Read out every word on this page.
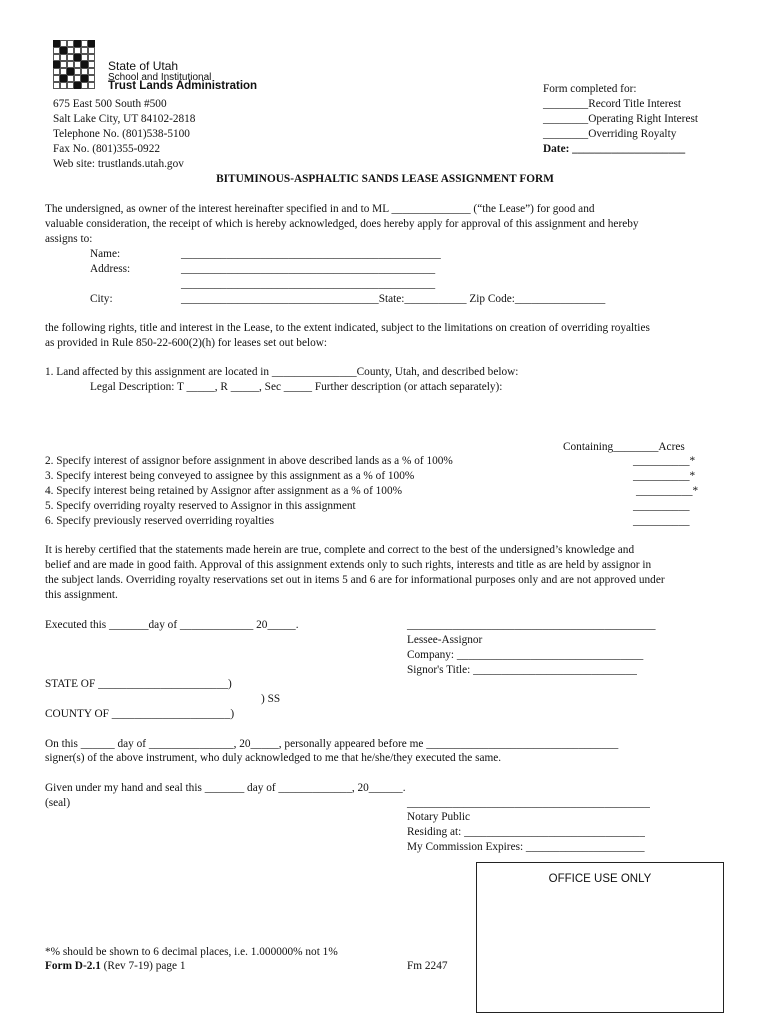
State of Utah
School and Institutional
Trust Lands Administration
675 East 500 South #500
Salt Lake City, UT 84102-2818
Telephone No. (801)538-5100
Fax No. (801)355-0922
Web site: trustlands.utah.gov
Form completed for:
________Record Title Interest
________Operating Right Interest
________Overriding Royalty
Date: ____________________
BITUMINOUS-ASPHALTIC SANDS LEASE ASSIGNMENT FORM
The undersigned, as owner of the interest hereinafter specified in and to ML ______________ (“the Lease”) for good and
valuable consideration, the receipt of which is hereby acknowledged, does hereby apply for approval of this assignment and hereby
assigns to:
Name:	______________________________________________
Address:	_____________________________________________
_____________________________________________
City:	___________________________________State:___________ Zip Code:________________
the following rights, title and interest in the Lease, to the extent indicated, subject to the limitations on creation of overriding royalties
as provided in Rule 850-22-600(2)(h) for leases set out below:
1. Land affected by this assignment are located in _______________County, Utah, and described below:
Legal Description: T _____, R _____, Sec _____ Further description (or attach separately):
Containing________Acres
2. Specify interest of assignor before assignment in above described lands as a % of 100%	__________*
3. Specify interest being conveyed to assignee by this assignment as a % of 100%	__________*
4. Specify interest being retained by Assignor after assignment as a % of 100%	__________*
5. Specify overriding royalty reserved to Assignor in this assignment	__________
6. Specify previously reserved overriding royalties	__________
It is hereby certified that the statements made herein are true, complete and correct to the best of the undersigned’s knowledge and
belief and are made in good faith. Approval of this assignment extends only to such rights, interests and title as are held by assignor in
the subject lands. Overriding royalty reservations set out in items 5 and 6 are for informational purposes only and are not approved under
this assignment.
Executed this _______day of _____________ 20_____.	____________________________________________
Lessee-Assignor
Company: _________________________________
Signor's Title: _____________________________
STATE OF _______________________)
) SS
COUNTY OF _____________________)
On this ______ day of _______________, 20_____, personally appeared before me __________________________________
signer(s) of the above instrument, who duly acknowledged to me that he/she/they executed the same.
Given under my hand and seal this _______ day of _____________, 20______.
(seal)	___________________________________________
Notary Public
Residing at: ________________________________
My Commission Expires: _____________________
OFFICE USE ONLY
*% should be shown to 6 decimal places, i.e. 1.000000% not 1%
Form D-2.1 (Rev 7-19) page 1	Fm 2247
